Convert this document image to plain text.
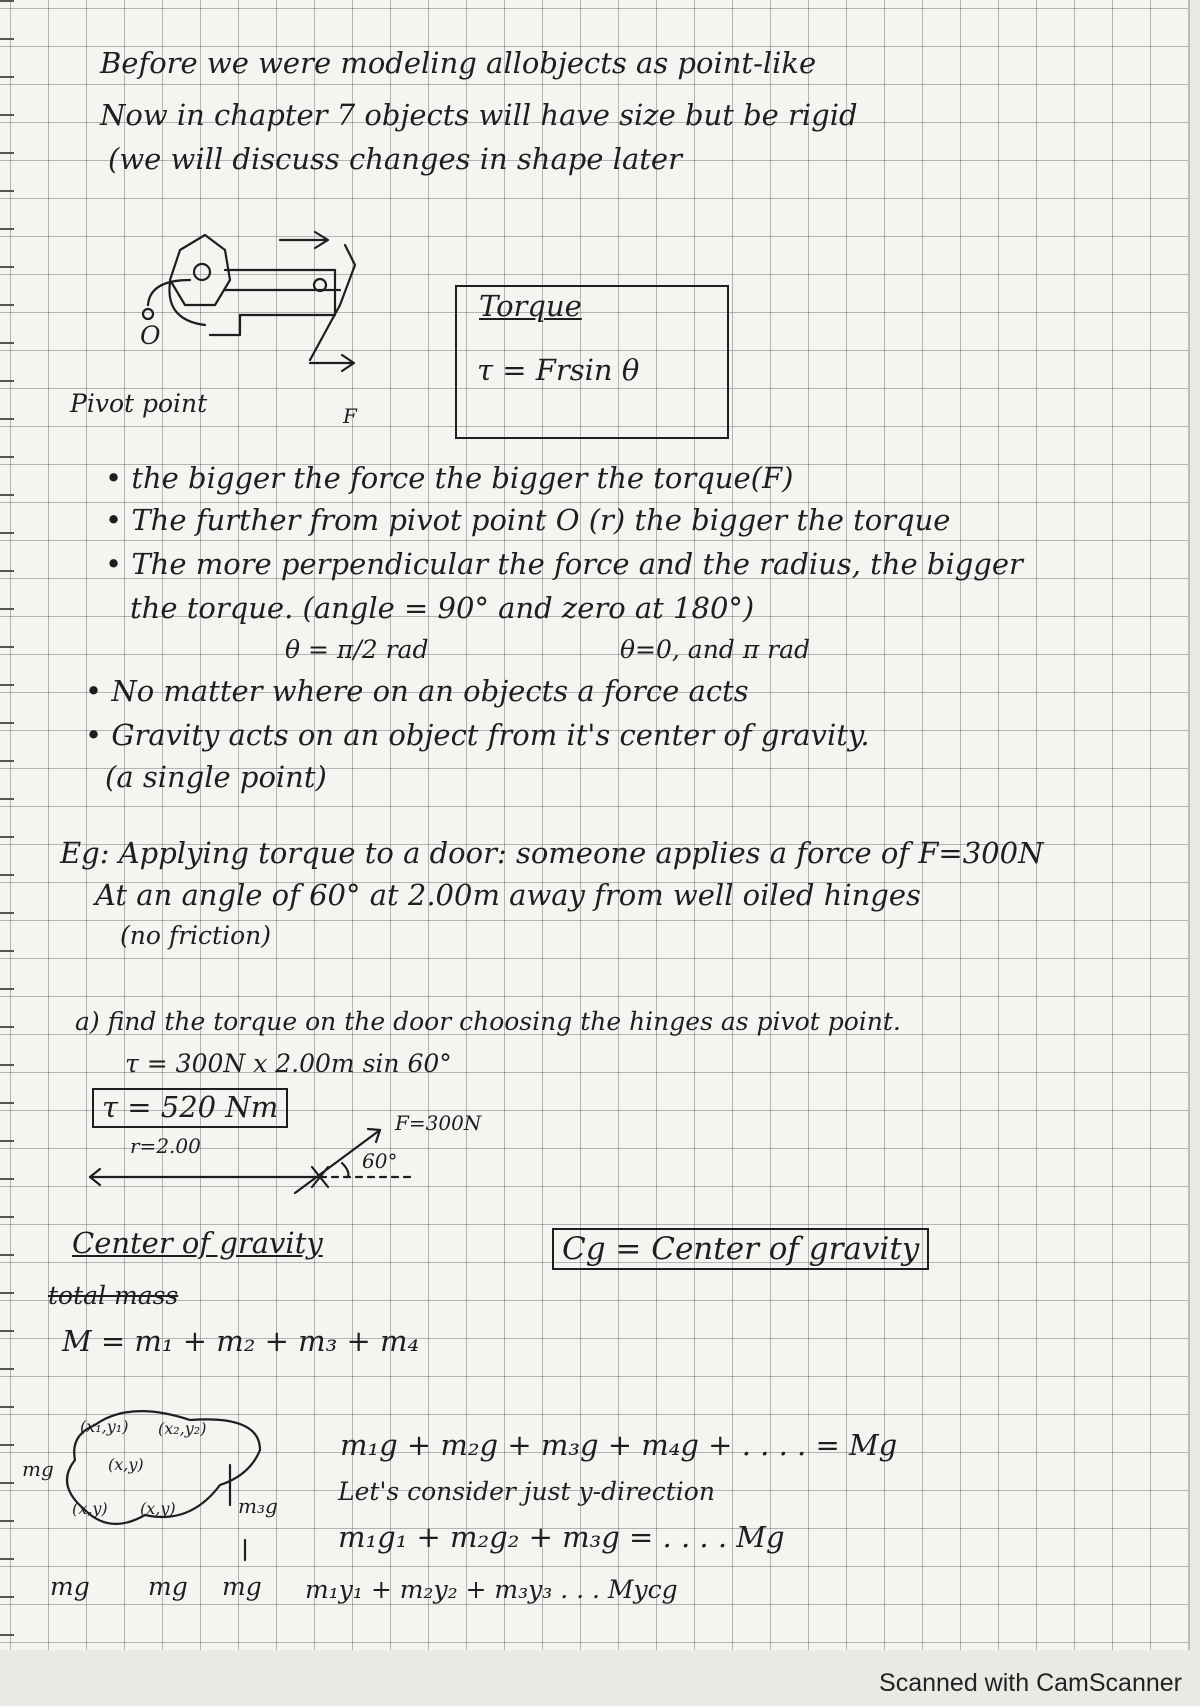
Before we were modeling allobjects as point-like
Now in chapter 7 objects will have size but be rigid
(we will discuss changes in shape later
O
Pivot point	F
Torque
τ = Frsin θ
• the bigger the force the bigger the torque(F)
• The further from pivot point O (r) the bigger the torque
• The more perpendicular the force and the radius, the bigger
the torque. (angle = 90° and zero at 180°)
θ = π/2 rad	θ=0, and π rad
• No matter where on an objects a force acts
• Gravity acts on an object from it's center of gravity.
(a single point)
Eg: Applying torque to a door: someone applies a force of F=300N
At an angle of 60° at 2.00m away from well oiled hinges
(no friction)
a) find the torque on the door choosing the hinges as pivot point.
τ = 300N x 2.00m sin 60°
τ = 520 Nm
r=2.00
F=300N
60°
Center of gravity	Cg = Center of gravity
total mass
M = m₁ + m₂ + m₃ + m₄
(x₁,y₁) (x₂,y₂)
(x,y)
(x,y) (x,y)
mg
m₃g
mg mg mg
m₁g + m₂g + m₃g + m₄g + . . . . = Mg
Let's consider just y-direction
m₁g₁ + m₂g₂ + m₃g = . . . . Mg
m₁y₁ + m₂y₂ + m₃y₃ . . . Mycg
Scanned with CamScanner
